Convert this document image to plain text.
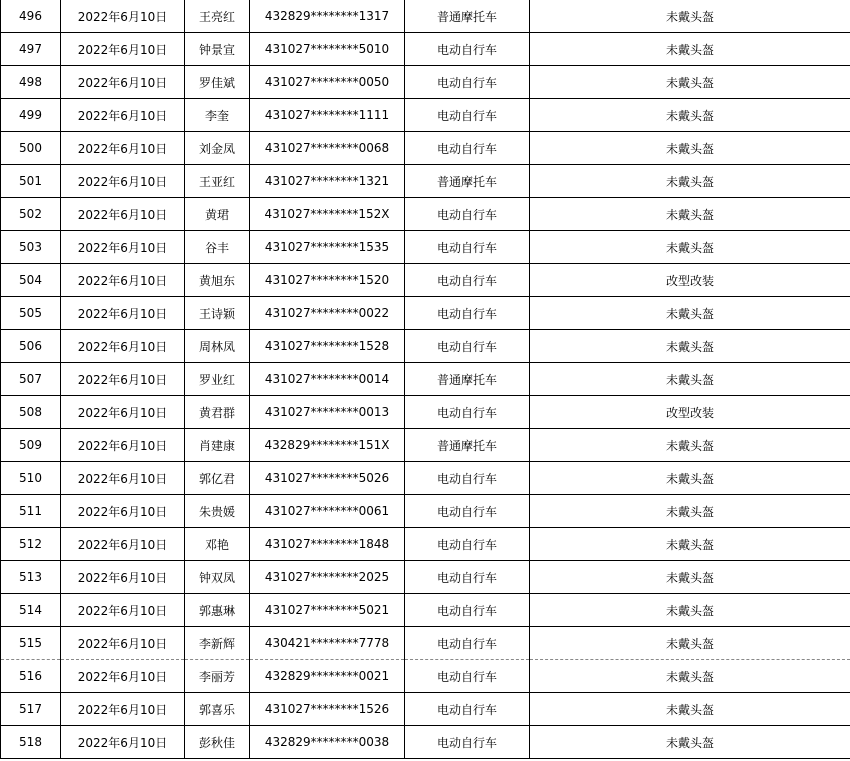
496	2022年6月10日	王亮红	432829********1317	普通摩托车	未戴头盔
497	2022年6月10日	钟景宣	431027********5010	电动自行车	未戴头盔
498	2022年6月10日	罗佳斌	431027********0050	电动自行车	未戴头盔
499	2022年6月10日	李奎	431027********1111	电动自行车	未戴头盔
500	2022年6月10日	刘金凤	431027********0068	电动自行车	未戴头盔
501	2022年6月10日	王亚红	431027********1321	普通摩托车	未戴头盔
502	2022年6月10日	黄珺	431027********152X	电动自行车	未戴头盔
503	2022年6月10日	谷丰	431027********1535	电动自行车	未戴头盔
504	2022年6月10日	黄旭东	431027********1520	电动自行车	改型改装
505	2022年6月10日	王诗颖	431027********0022	电动自行车	未戴头盔
506	2022年6月10日	周林凤	431027********1528	电动自行车	未戴头盔
507	2022年6月10日	罗业红	431027********0014	普通摩托车	未戴头盔
508	2022年6月10日	黄君群	431027********0013	电动自行车	改型改装
509	2022年6月10日	肖建康	432829********151X	普通摩托车	未戴头盔
510	2022年6月10日	郭亿君	431027********5026	电动自行车	未戴头盔
511	2022年6月10日	朱贵媛	431027********0061	电动自行车	未戴头盔
512	2022年6月10日	邓艳	431027********1848	电动自行车	未戴头盔
513	2022年6月10日	钟双凤	431027********2025	电动自行车	未戴头盔
514	2022年6月10日	郭惠琳	431027********5021	电动自行车	未戴头盔
515	2022年6月10日	李新辉	430421********7778	电动自行车	未戴头盔
516	2022年6月10日	李丽芳	432829********0021	电动自行车	未戴头盔
517	2022年6月10日	郭喜乐	431027********1526	电动自行车	未戴头盔
518	2022年6月10日	彭秋佳	432829********0038	电动自行车	未戴头盔
